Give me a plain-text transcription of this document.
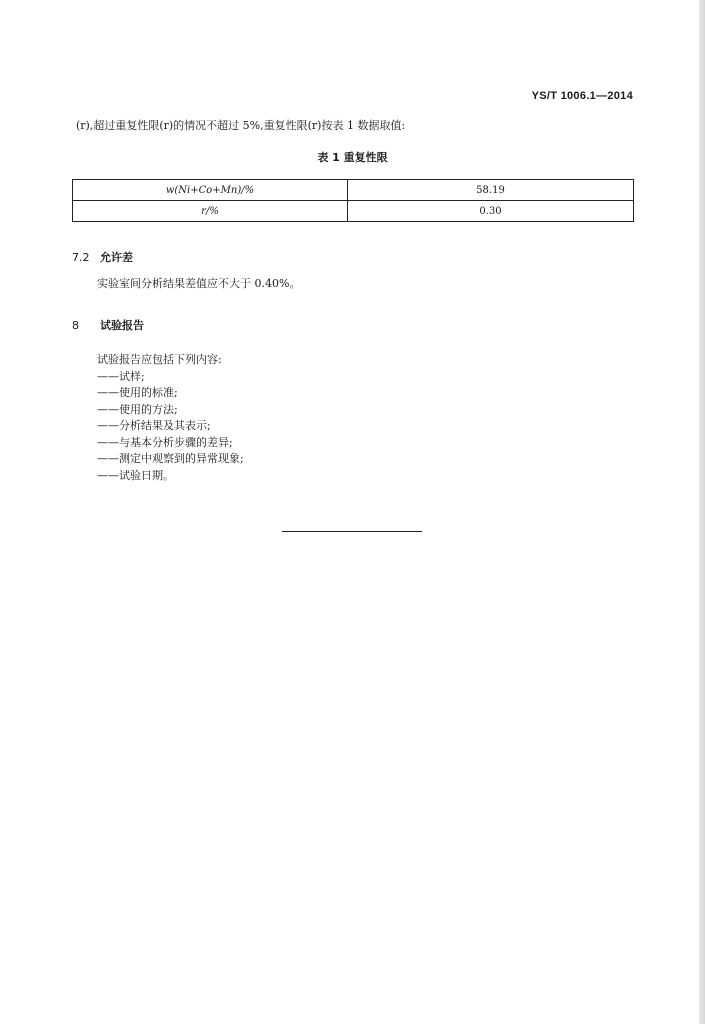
YS/T 1006.1—2014
(r),超过重复性限(r)的情况不超过 5%,重复性限(r)按表 1 数据取值:
表 1 重复性限
w(Ni+Co+Mn)/%	58.19
r/%	0.30
7.2 允许差
实验室间分析结果差值应不大于 0.40%。
8 试验报告
试验报告应包括下列内容:
—— 试样;
—— 使用的标准;
—— 使用的方法;
—— 分析结果及其表示;
—— 与基本分析步骤的差异;
—— 测定中观察到的异常现象;
—— 试验日期。
